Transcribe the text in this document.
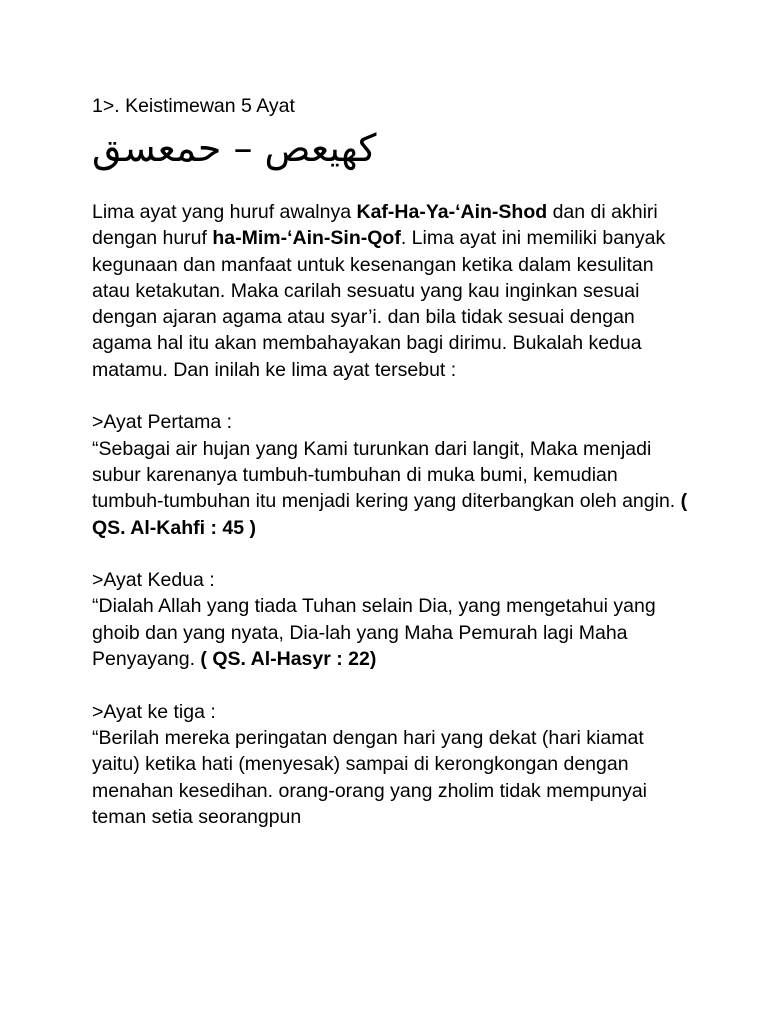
1>. Keistimewan 5 Ayat

كهيعص – حمعسق

Lima ayat yang huruf awalnya Kaf-Ha-Ya-‘Ain-Shod dan di akhiri dengan huruf ha-Mim-‘Ain-Sin-Qof. Lima ayat ini memiliki banyak kegunaan dan manfaat untuk kesenangan ketika dalam kesulitan atau ketakutan. Maka carilah sesuatu yang kau inginkan sesuai dengan ajaran agama atau syar’i. dan bila tidak sesuai dengan agama hal itu akan membahayakan bagi dirimu. Bukalah kedua matamu. Dan inilah ke lima ayat tersebut :

>Ayat Pertama :

“Sebagai air hujan yang Kami turunkan dari langit, Maka menjadi subur karenanya tumbuh-tumbuhan di muka bumi, kemudian tumbuh-tumbuhan itu menjadi kering yang diterbangkan oleh angin. ( QS. Al-Kahfi : 45 )

>Ayat Kedua :

“Dialah Allah yang tiada Tuhan selain Dia, yang mengetahui yang ghoib dan yang nyata, Dia-lah yang Maha Pemurah lagi Maha Penyayang. ( QS. Al-Hasyr : 22)

>Ayat ke tiga :

“Berilah mereka peringatan dengan hari yang dekat (hari kiamat yaitu) ketika hati (menyesak) sampai di kerongkongan dengan menahan kesedihan. orang-orang yang zholim tidak mempunyai teman setia seorangpun
